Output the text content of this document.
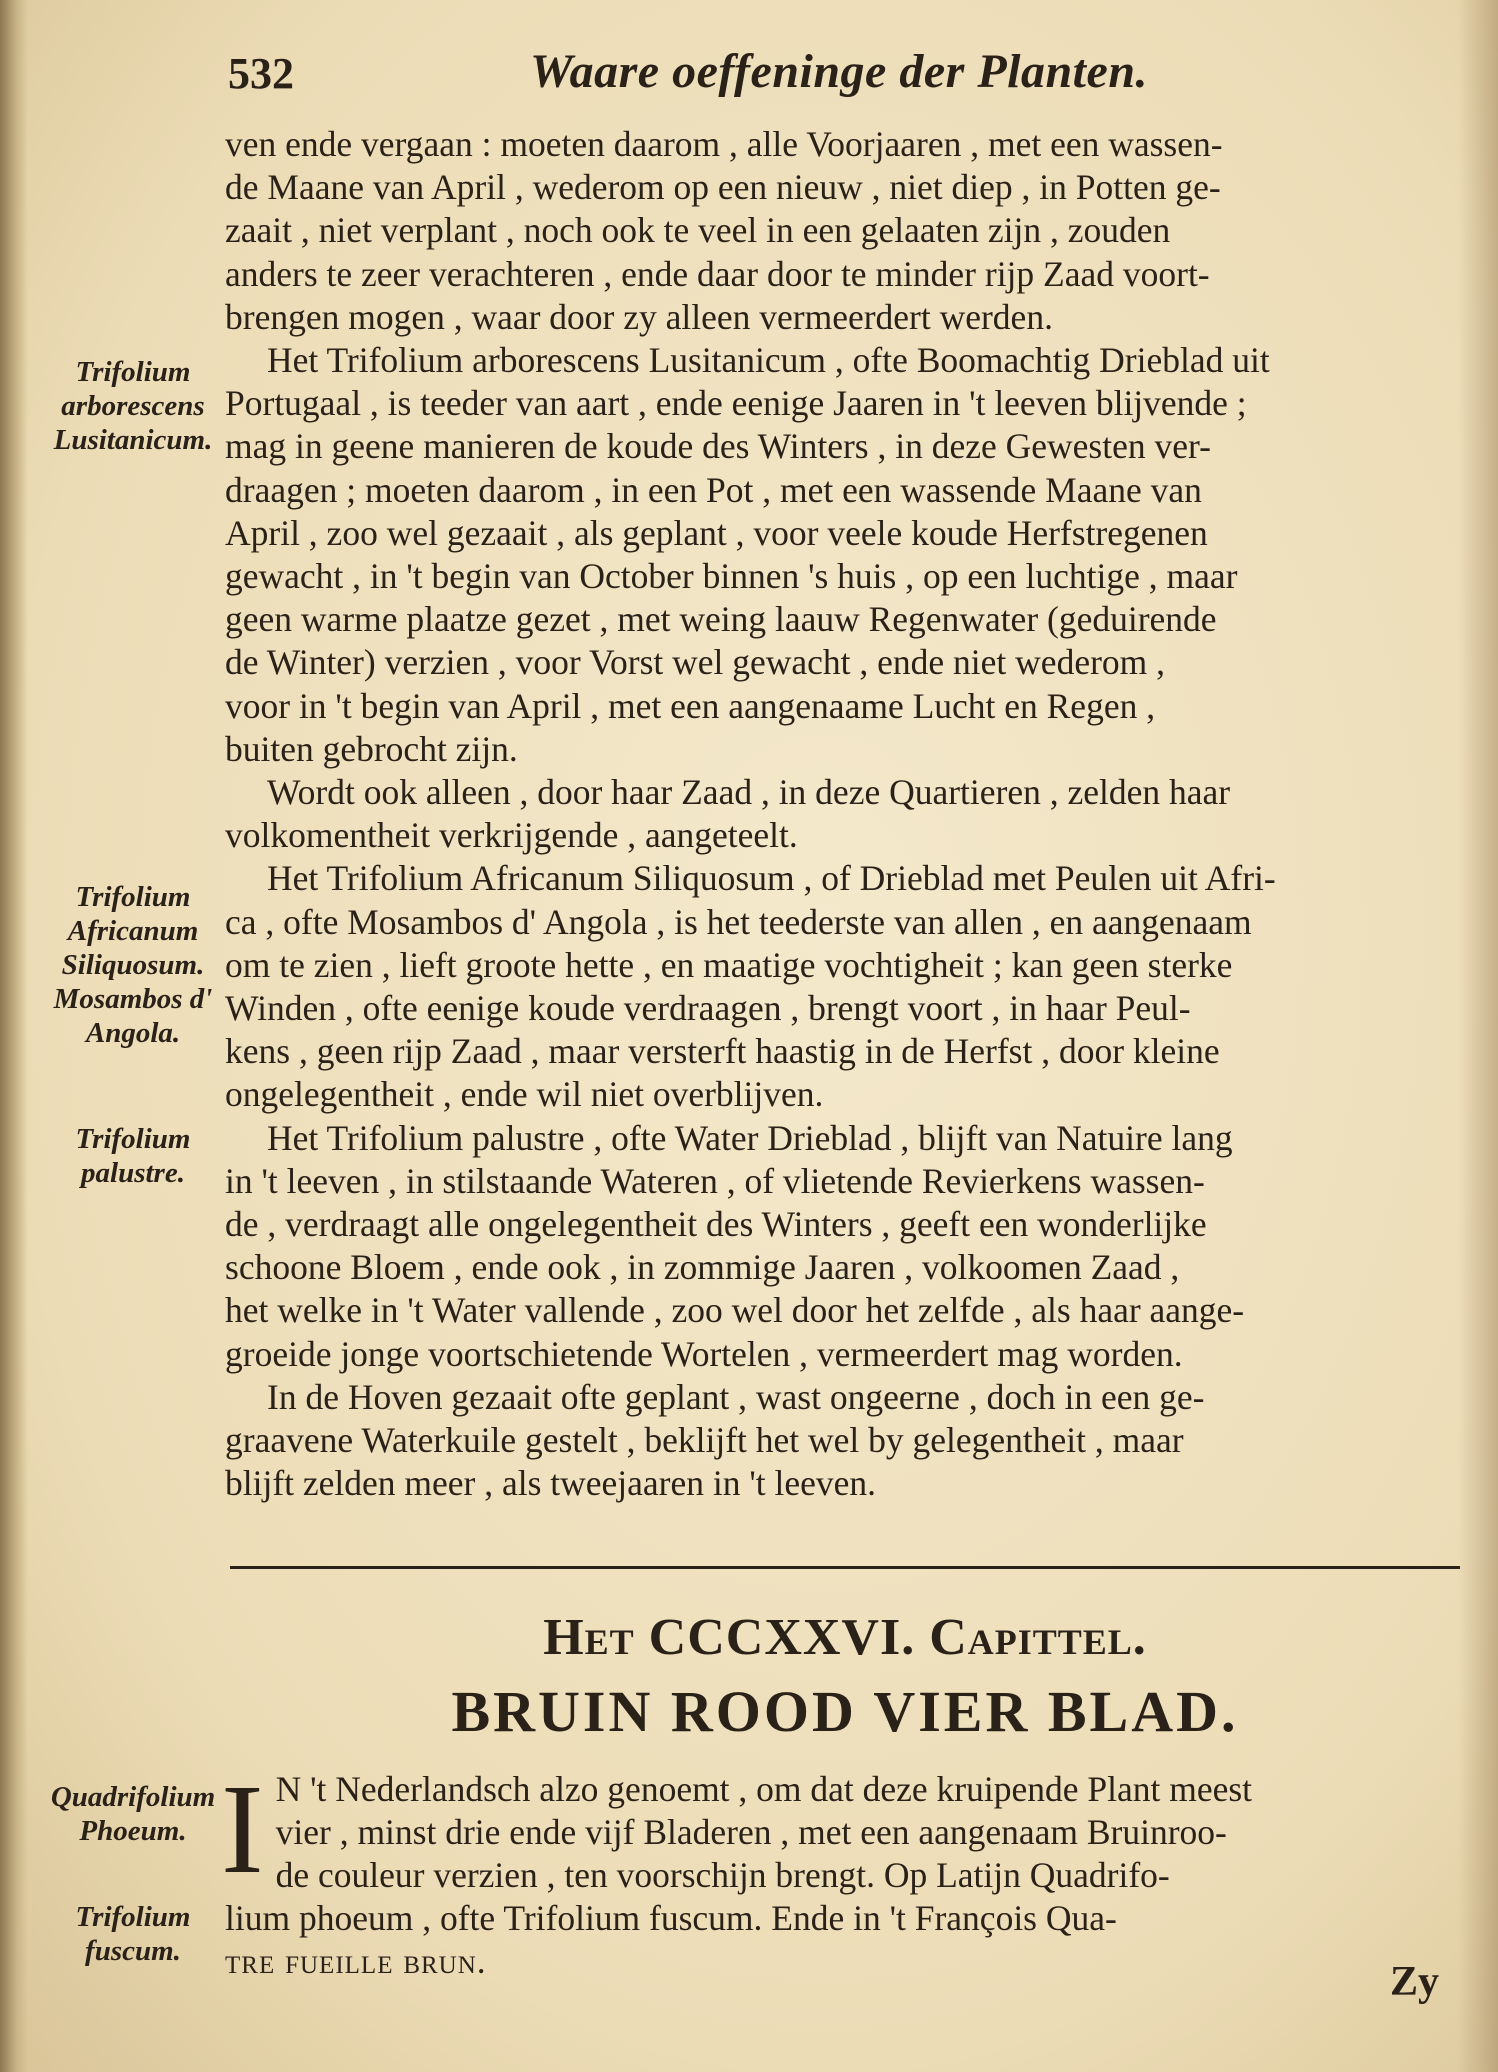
532	Waare oeffeninge der Planten.
Trifolium arborescens Lusitanicum.
Trifolium Africanum Siliquosum. Mosambos d' Angola.
Trifolium palustre.
Quadrifolium Phoeum.
Trifolium fuscum.
ven ende vergaan : moeten daarom , alle Voorjaaren , met een wassen-
de Maane van April , wederom op een nieuw , niet diep , in Potten ge-
zaait , niet verplant , noch ook te veel in een gelaaten zijn , zouden
anders te zeer verachteren , ende daar door te minder rijp Zaad voort-
brengen mogen , waar door zy alleen vermeerdert werden.
Het Trifolium arborescens Lusitanicum , ofte Boomachtig Drieblad uit
Portugaal , is teeder van aart , ende eenige Jaaren in 't leeven blijvende ;
mag in geene manieren de koude des Winters , in deze Gewesten ver-
draagen ; moeten daarom , in een Pot , met een wassende Maane van
April , zoo wel gezaait , als geplant , voor veele koude Herfstregenen
gewacht , in 't begin van October binnen 's huis , op een luchtige , maar
geen warme plaatze gezet , met weing laauw Regenwater (geduirende
de Winter) verzien , voor Vorst wel gewacht , ende niet wederom ,
voor in 't begin van April , met een aangenaame Lucht en Regen ,
buiten gebrocht zijn.
Wordt ook alleen , door haar Zaad , in deze Quartieren , zelden haar
volkomentheit verkrijgende , aangeteelt.
Het Trifolium Africanum Siliquosum , of Drieblad met Peulen uit Afri-
ca , ofte Mosambos d' Angola , is het teederste van allen , en aangenaam
om te zien , lieft groote hette , en maatige vochtigheit ; kan geen sterke
Winden , ofte eenige koude verdraagen , brengt voort , in haar Peul-
kens , geen rijp Zaad , maar versterft haastig in de Herfst , door kleine
ongelegentheit , ende wil niet overblijven.
Het Trifolium palustre , ofte Water Drieblad , blijft van Natuire lang
in 't leeven , in stilstaande Wateren , of vlietende Revierkens wassen-
de , verdraagt alle ongelegentheit des Winters , geeft een wonderlijke
schoone Bloem , ende ook , in zommige Jaaren , volkoomen Zaad ,
het welke in 't Water vallende , zoo wel door het zelfde , als haar aange-
groeide jonge voortschietende Wortelen , vermeerdert mag worden.
In de Hoven gezaait ofte geplant , wast ongeerne , doch in een ge-
graavene Waterkuile gestelt , beklijft het wel by gelegentheit , maar
blijft zelden meer , als tweejaaren in 't leeven.
Het CCCXXVI. Capittel.
BRUIN ROOD VIER BLAD.
I N 't Nederlandsch alzo genoemt , om dat deze kruipende Plant meest
vier , minst drie ende vijf Bladeren , met een aangenaam Bruinroo-
de couleur verzien , ten voorschijn brengt. Op Latijn Quadrifo-
lium phoeum , ofte Trifolium fuscum. Ende in 't François Qua-
tre fueille brun.	Zy
